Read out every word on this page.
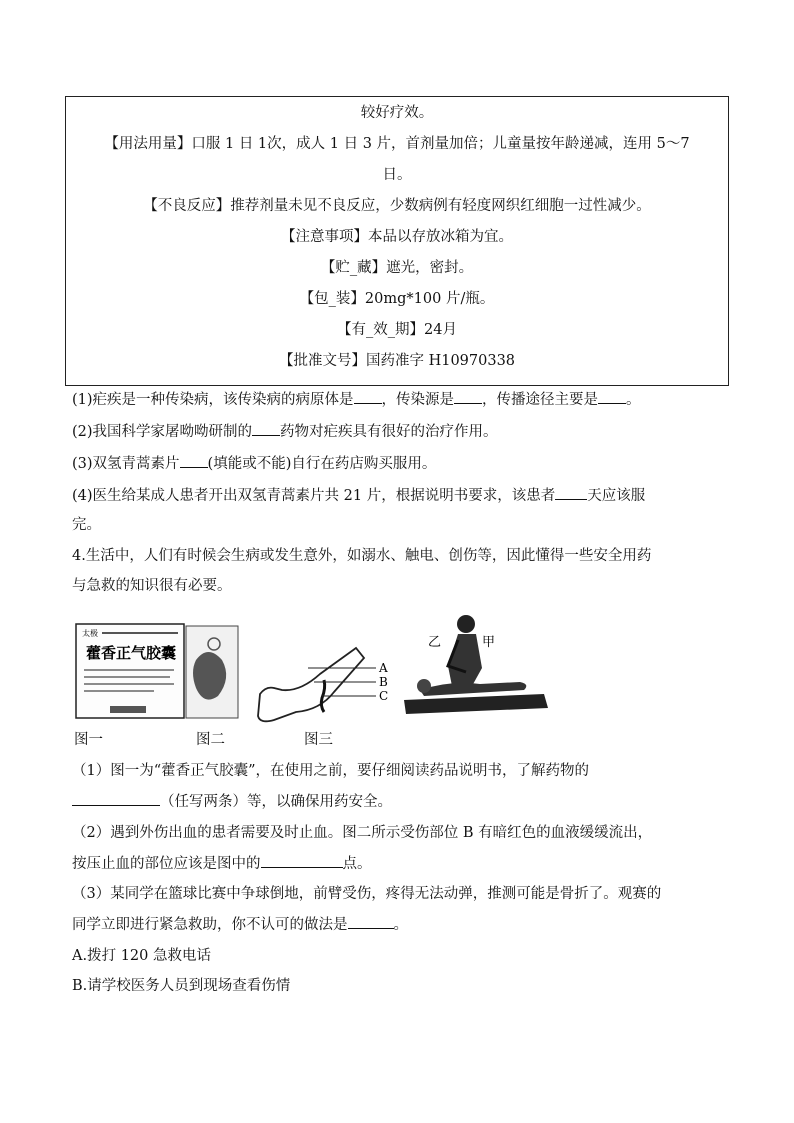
较好疗效。
【用法用量】口服 1 日 1次，成人 1 日 3 片，首剂量加倍；儿童量按年龄递减，连用 5～7
日。
【不良反应】推荐剂量未见不良反应，少数病例有轻度网织红细胞一过性减少。
【注意事项】本品以存放冰箱为宜。
【贮_藏】遮光，密封。
【包_装】20mg*100 片/瓶。
【有_效_期】24月
【批准文号】国药准字 H10970338
(1)疟疾是一种传染病，该传染病的病原体是 ，传染源是 ，传播途径主要是 。
(2)我国科学家屠呦呦研制的 药物对疟疾具有很好的治疗作用。
(3)双氢青蒿素片 (填能或不能)自行在药店购买服用。
(4)医生给某成人患者开出双氢青蒿素片共 21 片，根据说明书要求，该患者 天应该服
完。
4.生活中，人们有时候会生病或发生意外，如溺水、触电、创伤等，因此懂得一些安全用药
与急救的知识很有必要。
太极
藿香正气胶囊
A
B
C
乙	甲
图一	图二	图三
（1）图一为“藿香正气胶囊”，在使用之前，要仔细阅读药品说明书，了解药物的
（任写两条）等，以确保用药安全。
（2）遇到外伤出血的患者需要及时止血。图二所示受伤部位 B 有暗红色的血液缓缓流出，
按压止血的部位应该是图中的	点。
（3）某同学在篮球比赛中争球倒地，前臂受伤，疼得无法动弹，推测可能是骨折了。观赛的
同学立即进行紧急救助，你不认可的做法是	。
A.拨打 120 急救电话
B.请学校医务人员到现场查看伤情
